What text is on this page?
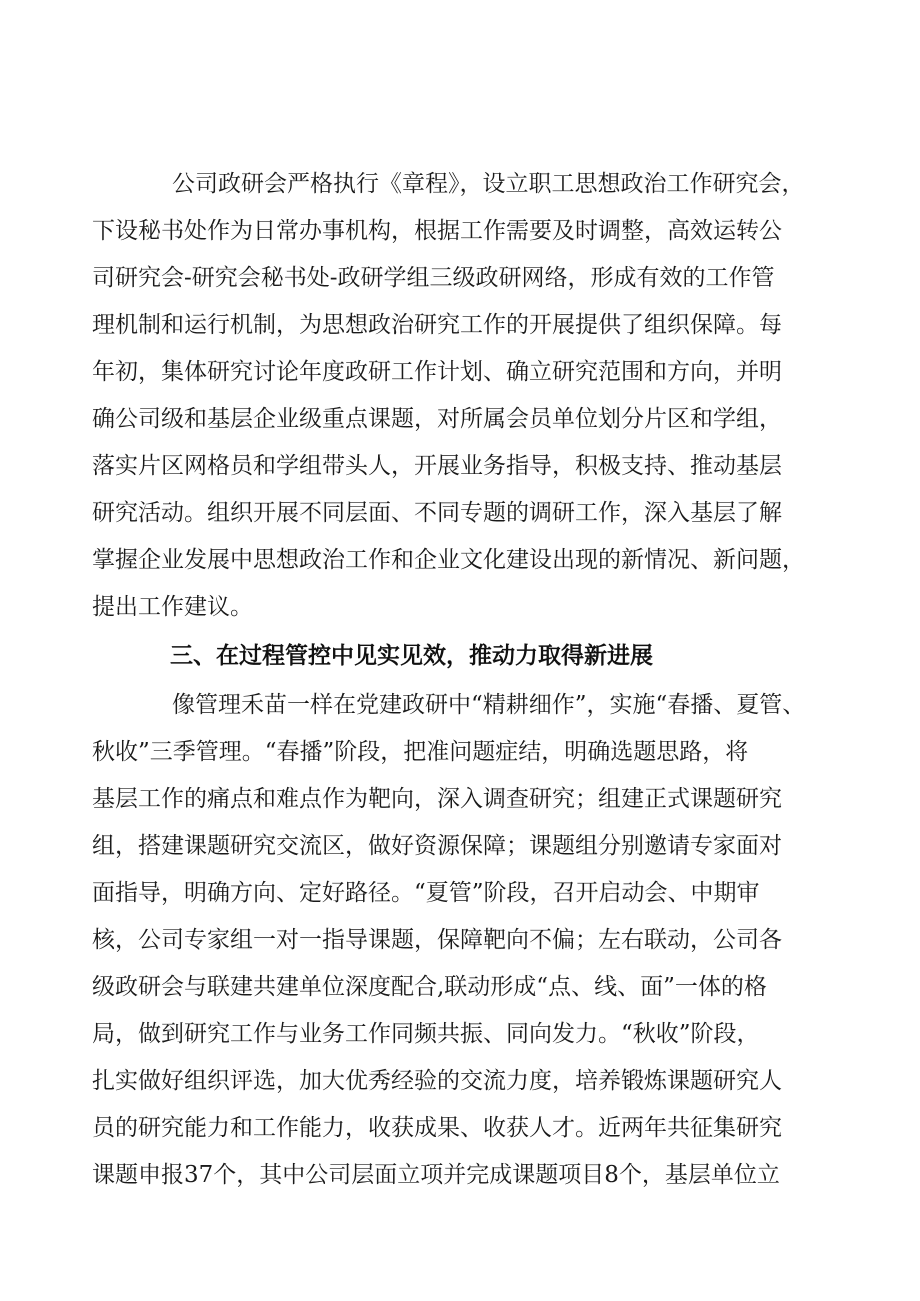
公司政研会严格执行《章程》，设立职工思想政治工作研究会，
下设秘书处作为日常办事机构，根据工作需要及时调整，高效运转公
司研究会-研究会秘书处-政研学组三级政研网络，形成有效的工作管
理机制和运行机制，为思想政治研究工作的开展提供了组织保障。每
年初，集体研究讨论年度政研工作计划、确立研究范围和方向，并明
确公司级和基层企业级重点课题，对所属会员单位划分片区和学组，
落实片区网格员和学组带头人，开展业务指导，积极支持、推动基层
研究活动。组织开展不同层面、不同专题的调研工作，深入基层了解
掌握企业发展中思想政治工作和企业文化建设出现的新情况、新问题，
提出工作建议。
三、在过程管控中见实见效，推动力取得新进展
像管理禾苗一样在党建政研中“精耕细作”，实施“春播、夏管、
秋收”三季管理。“春播”阶段，把准问题症结，明确选题思路，将
基层工作的痛点和难点作为靶向，深入调查研究；组建正式课题研究
组，搭建课题研究交流区，做好资源保障；课题组分别邀请专家面对
面指导，明确方向、定好路径。“夏管”阶段，召开启动会、中期审
核，公司专家组一对一指导课题，保障靶向不偏；左右联动，公司各
级政研会与联建共建单位深度配合,联动形成“点、线、面”一体的格
局，做到研究工作与业务工作同频共振、同向发力。“秋收”阶段，
扎实做好组织评选，加大优秀经验的交流力度，培养锻炼课题研究人
员的研究能力和工作能力，收获成果、收获人才。近两年共征集研究
课题申报37个，其中公司层面立项并完成课题项目8个，基层单位立
